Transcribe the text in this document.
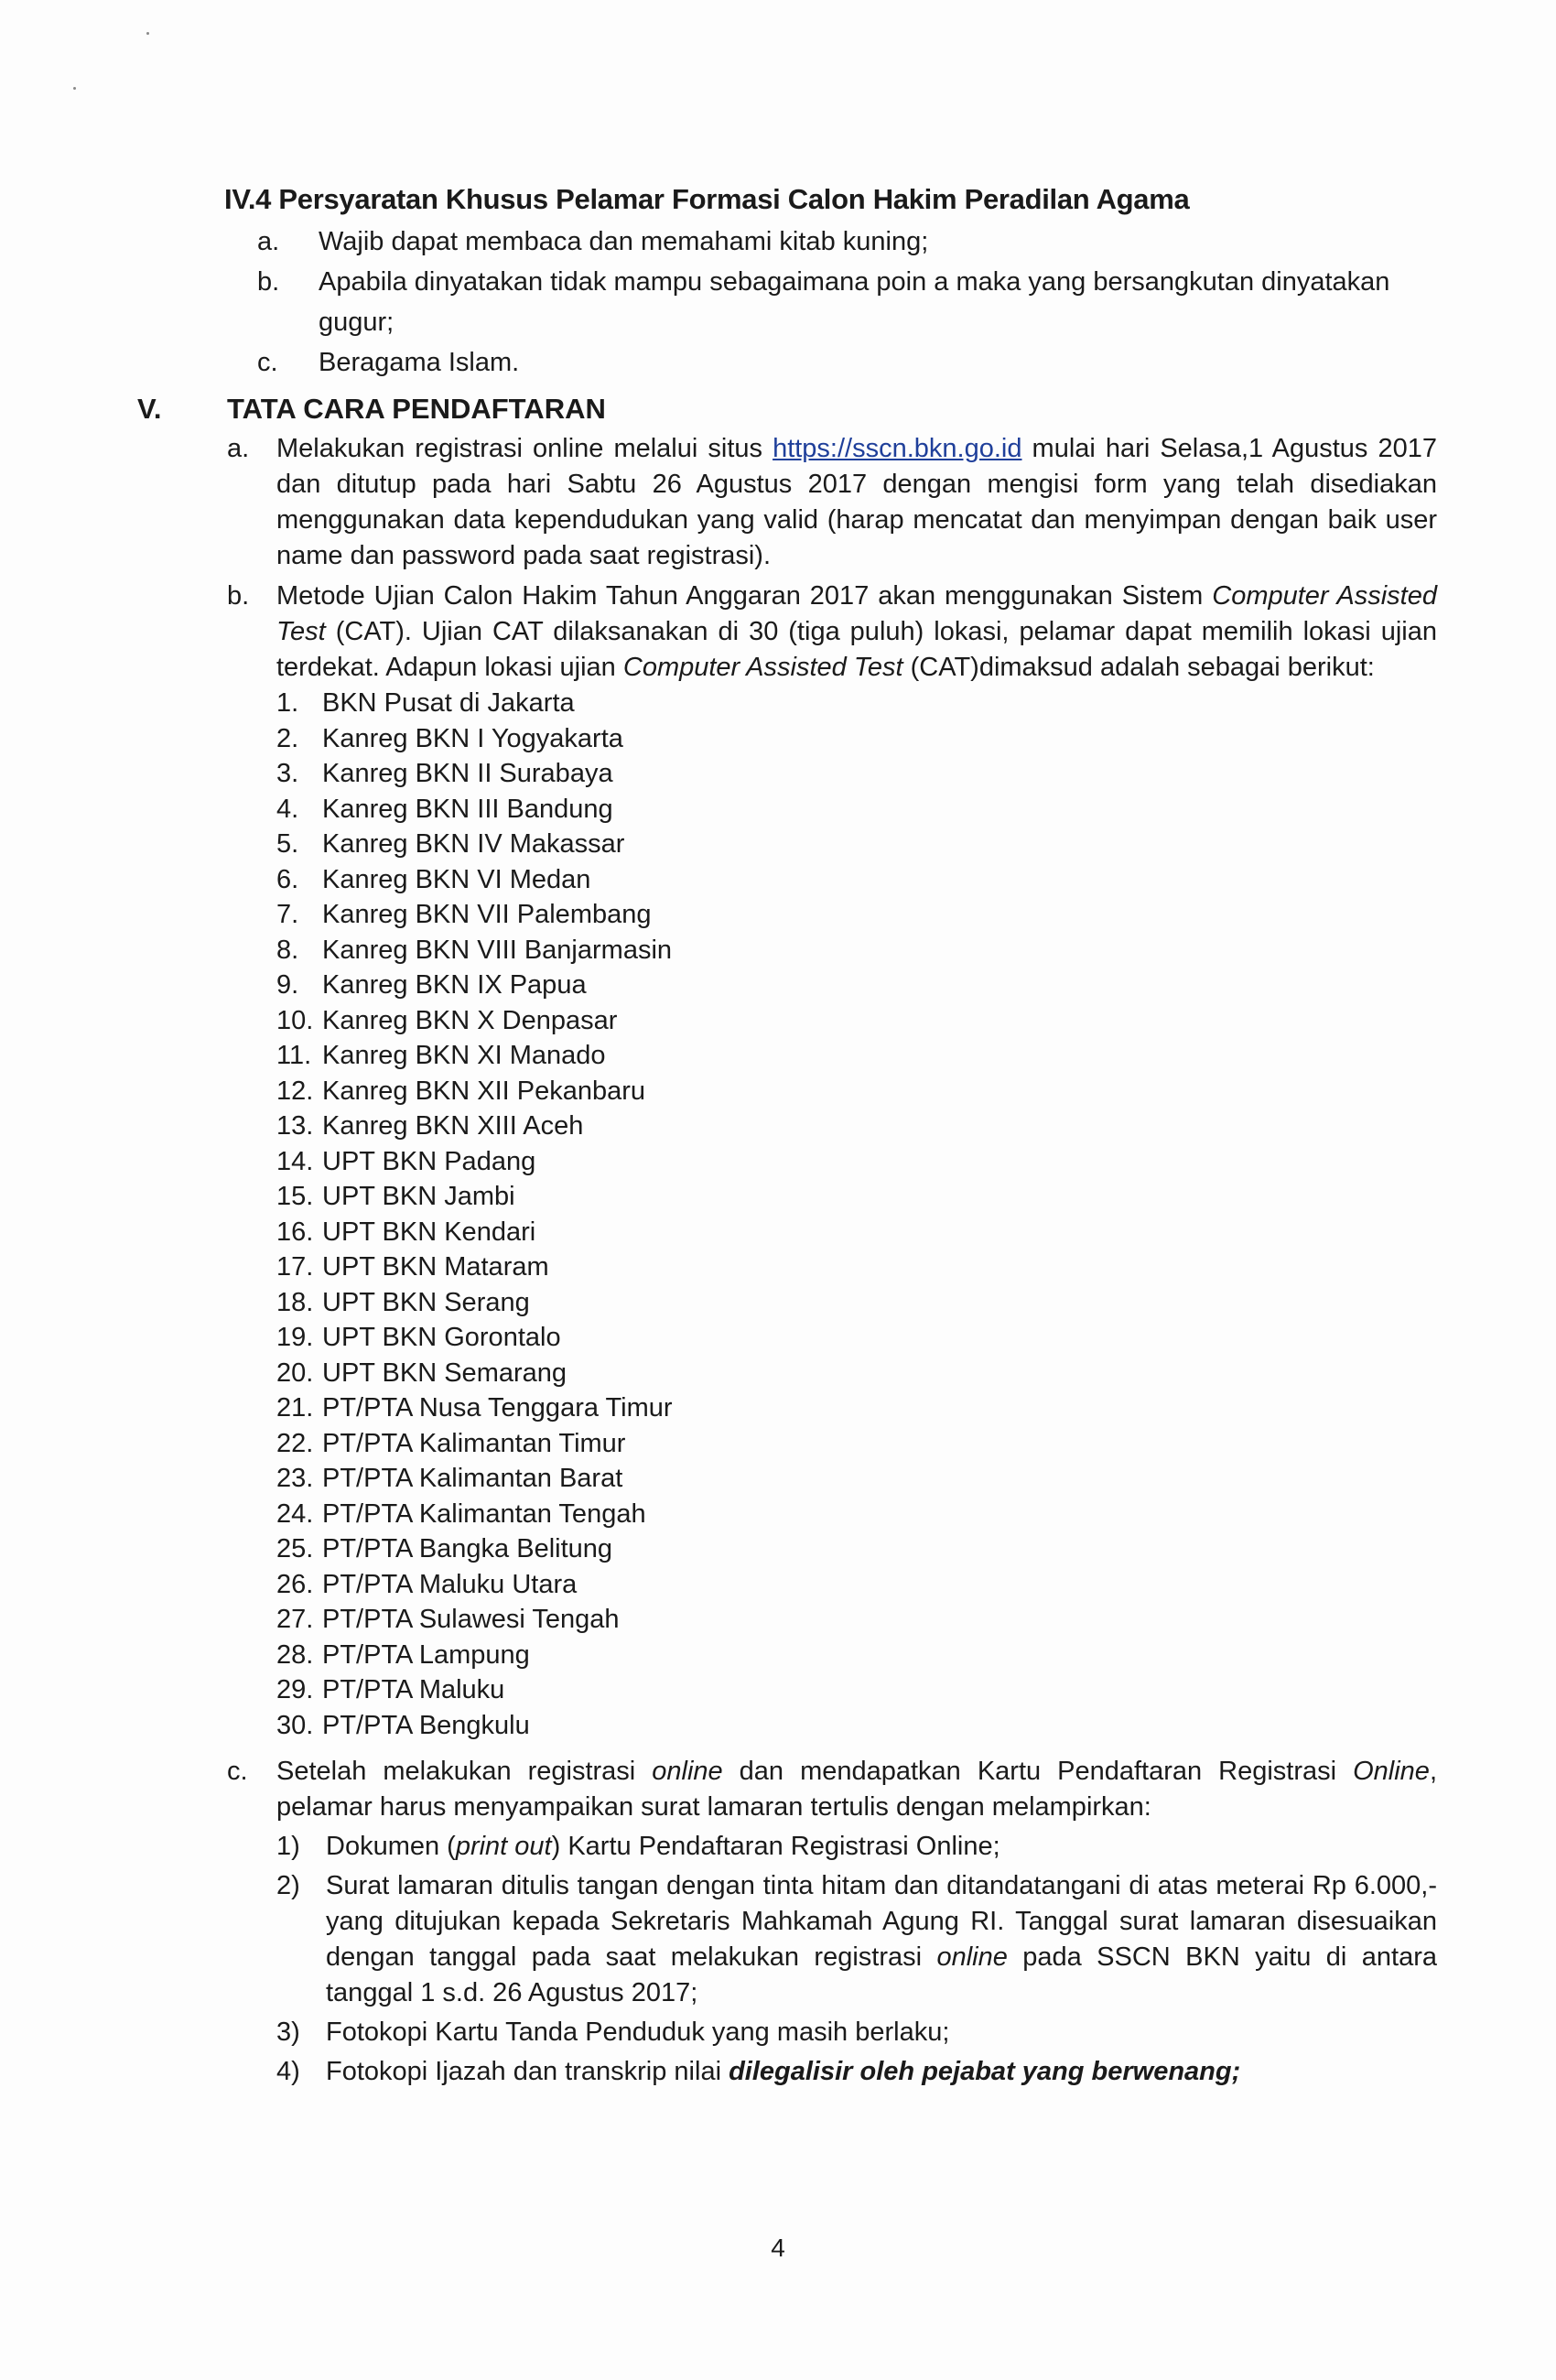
IV.4 Persyaratan Khusus Pelamar Formasi Calon Hakim Peradilan Agama
a. Wajib dapat membaca dan memahami kitab kuning;
b. Apabila dinyatakan tidak mampu sebagaimana poin a maka yang bersangkutan dinyatakan gugur;
c. Beragama Islam.
V. TATA CARA PENDAFTARAN
a. Melakukan registrasi online melalui situs https://sscn.bkn.go.id mulai hari Selasa,1 Agustus 2017 dan ditutup pada hari Sabtu 26 Agustus 2017 dengan mengisi form yang telah disediakan menggunakan data kependudukan yang valid (harap mencatat dan menyimpan dengan baik user name dan password pada saat registrasi).
b. Metode Ujian Calon Hakim Tahun Anggaran 2017 akan menggunakan Sistem Computer Assisted Test (CAT). Ujian CAT dilaksanakan di 30 (tiga puluh) lokasi, pelamar dapat memilih lokasi ujian terdekat. Adapun lokasi ujian Computer Assisted Test (CAT)dimaksud adalah sebagai berikut:
1. BKN Pusat di Jakarta
2. Kanreg BKN I Yogyakarta
3. Kanreg BKN II Surabaya
4. Kanreg BKN III Bandung
5. Kanreg BKN IV Makassar
6. Kanreg BKN VI Medan
7. Kanreg BKN VII Palembang
8. Kanreg BKN VIII Banjarmasin
9. Kanreg BKN IX Papua
10. Kanreg BKN X Denpasar
11. Kanreg BKN XI Manado
12. Kanreg BKN XII Pekanbaru
13. Kanreg BKN XIII Aceh
14. UPT BKN Padang
15. UPT BKN Jambi
16. UPT BKN Kendari
17. UPT BKN Mataram
18. UPT BKN Serang
19. UPT BKN Gorontalo
20. UPT BKN Semarang
21. PT/PTA Nusa Tenggara Timur
22. PT/PTA Kalimantan Timur
23. PT/PTA Kalimantan Barat
24. PT/PTA Kalimantan Tengah
25. PT/PTA Bangka Belitung
26. PT/PTA Maluku Utara
27. PT/PTA Sulawesi Tengah
28. PT/PTA Lampung
29. PT/PTA Maluku
30. PT/PTA Bengkulu
c. Setelah melakukan registrasi online dan mendapatkan Kartu Pendaftaran Registrasi Online, pelamar harus menyampaikan surat lamaran tertulis dengan melampirkan:
1) Dokumen (print out) Kartu Pendaftaran Registrasi Online;
2) Surat lamaran ditulis tangan dengan tinta hitam dan ditandatangani di atas meterai Rp 6.000,-yang ditujukan kepada Sekretaris Mahkamah Agung RI. Tanggal surat lamaran disesuaikan dengan tanggal pada saat melakukan registrasi online pada SSCN BKN yaitu di antara tanggal 1 s.d. 26 Agustus 2017;
3) Fotokopi Kartu Tanda Penduduk yang masih berlaku;
4) Fotokopi Ijazah dan transkrip nilai dilegalisir oleh pejabat yang berwenang;
4
